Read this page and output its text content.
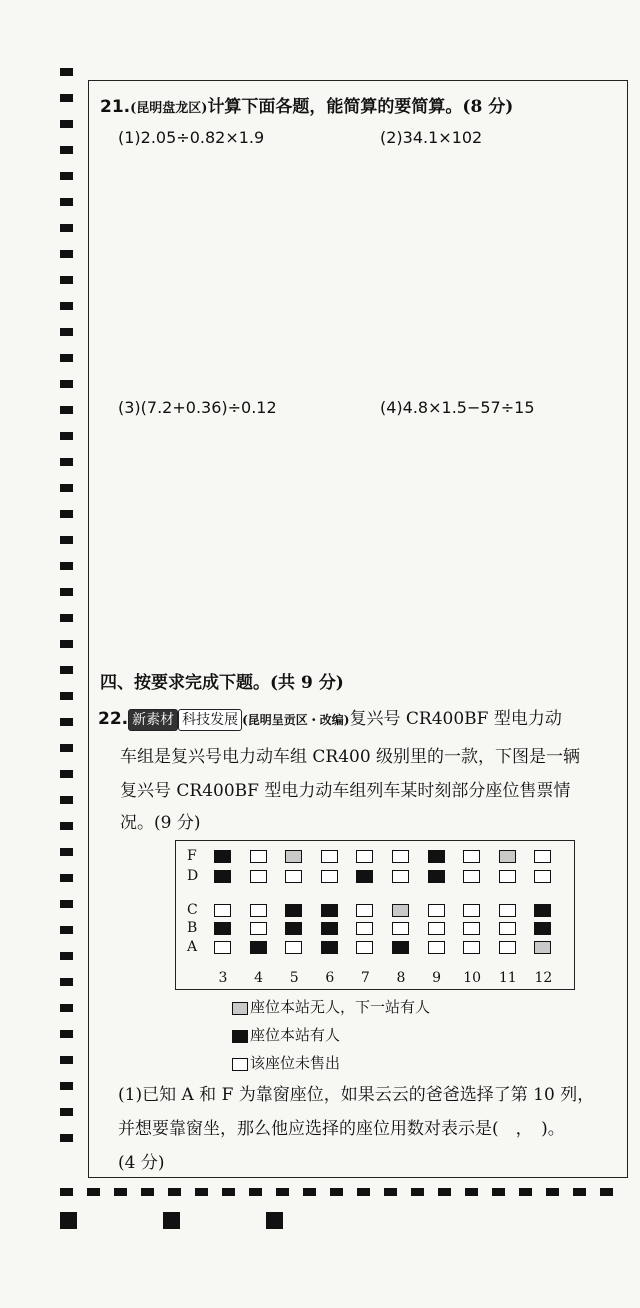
21.(昆明盘龙区)计算下面各题，能简算的要简算。(8 分)
(1)2.05÷0.82×1.9	(2)34.1×102
(3)(7.2+0.36)÷0.12	(4)4.8×1.5−57÷15
四、按要求完成下题。(共 9 分)
22. 新素材 科技发展 (昆明呈贡区・改编)复兴号 CR400BF 型电力动
车组是复兴号电力动车组 CR400 级别里的一款，下图是一辆
复兴号 CR400BF 型电力动车组列车某时刻部分座位售票情
况。(9 分)
F
D
C
B
A
3	4	5	6	7	8	9	10	11	12
座位本站无人，下一站有人
座位本站有人
该座位未售出
(1)已知 A 和 F 为靠窗座位，如果云云的爸爸选择了第 10 列，
并想要靠窗坐，那么他应选择的座位用数对表示是(　，　)。
(4 分)
